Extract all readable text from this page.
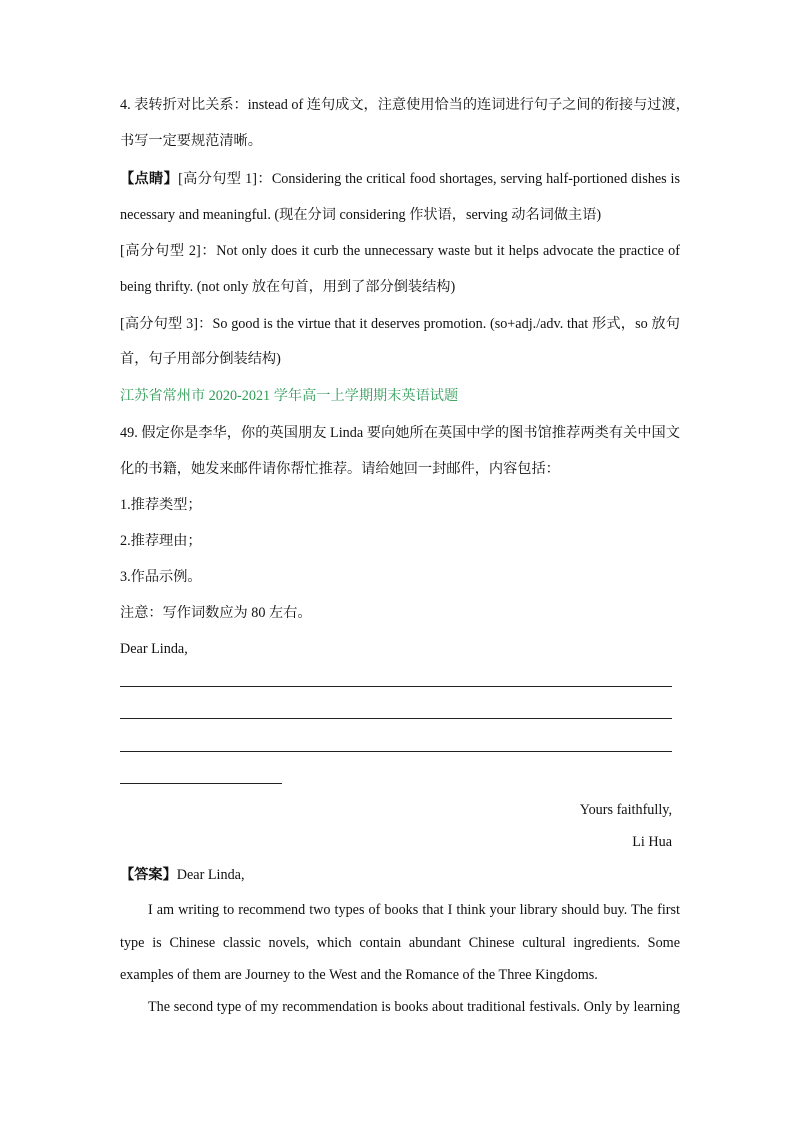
4. 表转折对比关系：instead of 连句成文，注意使用恰当的连词进行句子之间的衔接与过渡，
书写一定要规范清晰。
【点睛】[高分句型 1]：Considering the critical food shortages, serving half-portioned dishes is
necessary and meaningful. (现在分词 considering 作状语，serving 动名词做主语)
[高分句型 2]：Not only does it curb the unnecessary waste but it helps advocate the practice of
being thrifty. (not only 放在句首，用到了部分倒装结构)
[高分句型 3]：So good is the virtue that it deserves promotion. (so+adj./adv. that 形式，so 放句
首，句子用部分倒装结构)
江苏省常州市 2020-2021 学年高一上学期期末英语试题
49. 假定你是李华，你的英国朋友 Linda 要向她所在英国中学的图书馆推荐两类有关中国文
化的书籍，她发来邮件请你帮忙推荐。请给她回一封邮件，内容包括：
1.推荐类型；
2.推荐理由；
3.作品示例。
注意：写作词数应为 80 左右。
Dear Linda,
Yours faithfully,
Li Hua
【答案】Dear Linda,
I am writing to recommend two types of books that I think your library should buy. The first
type is Chinese classic novels, which contain abundant Chinese cultural ingredients. Some
examples of them are Journey to the West and the Romance of the Three Kingdoms.
The second type of my recommendation is books about traditional festivals. Only by learning
